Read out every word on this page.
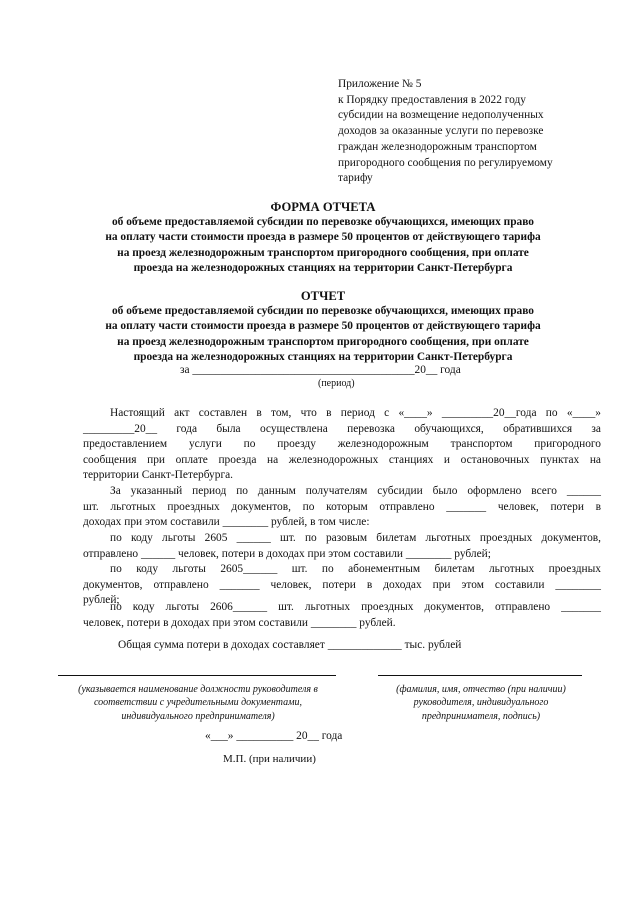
Приложение № 5
к Порядку предоставления в 2022 году
субсидии на возмещение недополученных
доходов за оказанные услуги по перевозке
граждан железнодорожным транспортом
пригородного сообщения по регулируемому
тарифу
ФОРМА ОТЧЕТА
об объеме предоставляемой субсидии по перевозке обучающихся, имеющих право
на оплату части стоимости проезда в размере 50 процентов от действующего тарифа
на проезд железнодорожным транспортом пригородного сообщения, при оплате
проезда на железнодорожных станциях на территории Санкт-Петербурга
ОТЧЕТ
об объеме предоставляемой субсидии по перевозке обучающихся, имеющих право
на оплату части стоимости проезда в размере 50 процентов от действующего тарифа
на проезд железнодорожным транспортом пригородного сообщения, при оплате
проезда на железнодорожных станциях на территории Санкт-Петербурга
за _______________________________________20__ года
(период)
Настоящий акт составлен в том, что в период с «____» _________20__года по «____»
_________20__ года была осуществлена перевозка обучающихся, обратившихся за
предоставлением услуги по проезду железнодорожным транспортом пригородного
сообщения при оплате проезда на железнодорожных станциях и остановочных пунктах на
территории Санкт-Петербурга.
За указанный период по данным получателям субсидии было оформлено всего ______
шт. льготных проездных документов, по которым отправлено _______ человек, потери в
доходах при этом составили ________ рублей, в том числе:
по коду льготы 2605 ______ шт. по разовым билетам льготных проездных документов,
отправлено ______ человек, потери в доходах при этом составили ________ рублей;
по коду льготы 2605______ шт. по абонементным билетам льготных проездных
документов, отправлено _______ человек, потери в доходах при этом составили ________
рублей;
по коду льготы 2606______ шт. льготных проездных документов, отправлено _______
человек, потери в доходах при этом составили ________ рублей.
Общая сумма потери в доходах составляет _____________ тыс. рублей
(указывается наименование должности руководителя в
соответствии с учредительными документами,
индивидуального предпринимателя)
(фамилия, имя, отчество (при наличии)
руководителя, индивидуального
предпринимателя, подпись)
«___» __________ 20__ года
М.П. (при наличии)
